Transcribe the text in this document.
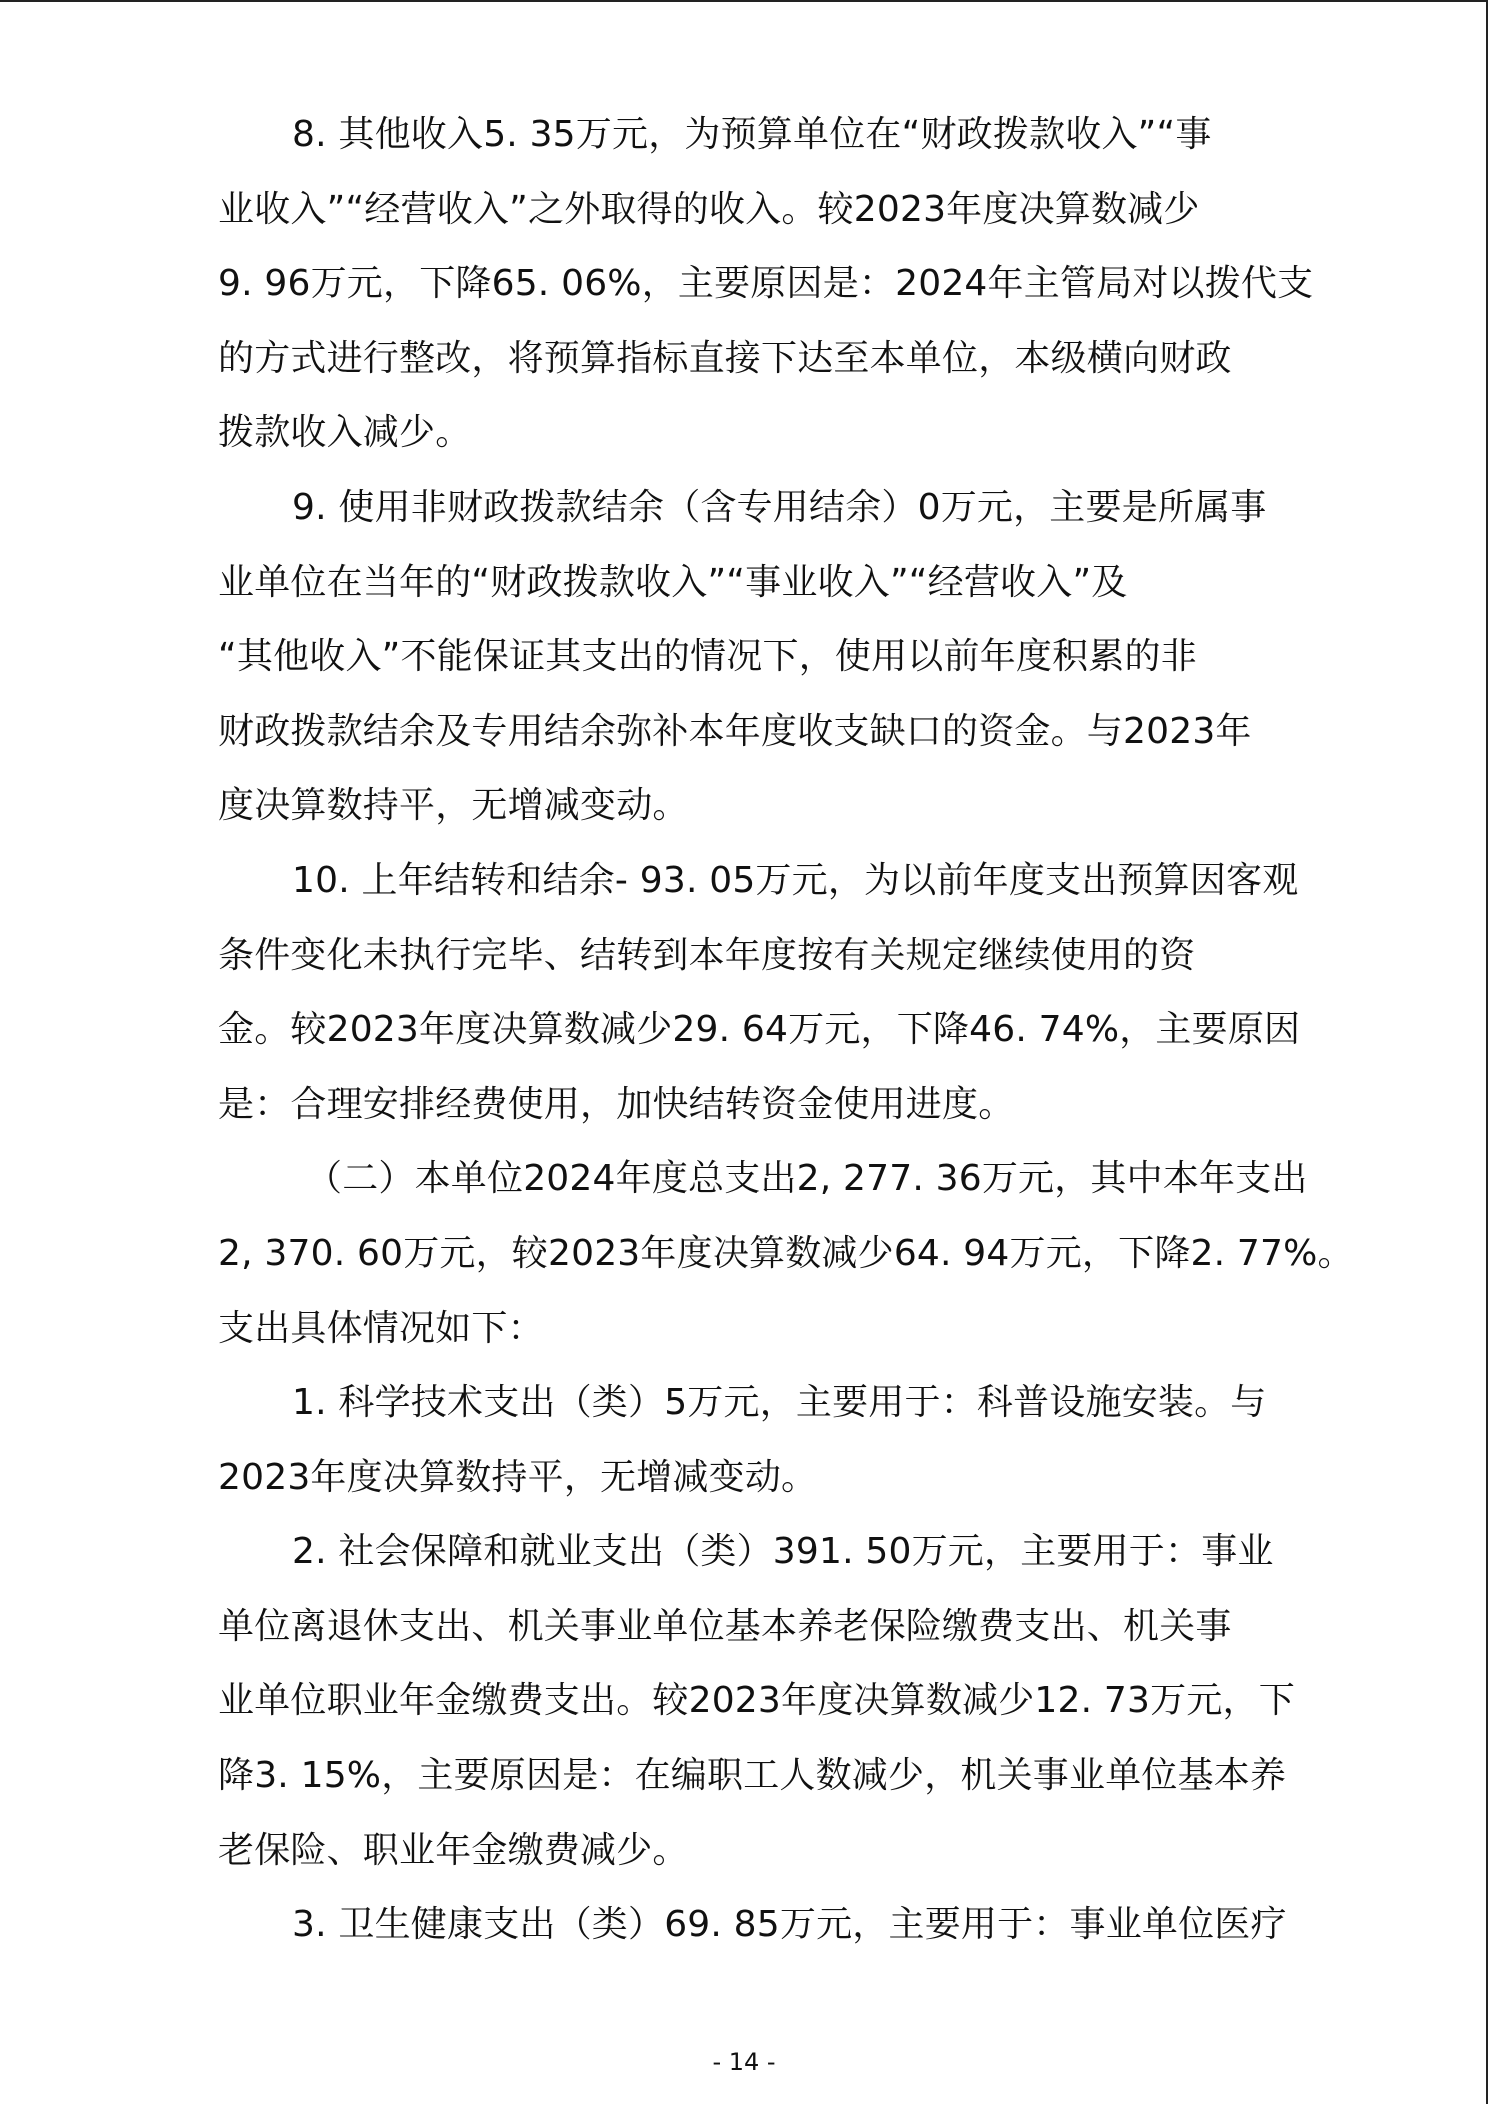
8. 其他收入5. 35万元，为预算单位在“财政拨款收入”“事
业收入”“经营收入”之外取得的收入。较2023年度决算数减少
9. 96万元，下降65. 06%，主要原因是：2024年主管局对以拨代支
的方式进行整改，将预算指标直接下达至本单位，本级横向财政
拨款收入减少。
9. 使用非财政拨款结余（含专用结余）0万元，主要是所属事
业单位在当年的“财政拨款收入”“事业收入”“经营收入”及
“其他收入”不能保证其支出的情况下，使用以前年度积累的非
财政拨款结余及专用结余弥补本年度收支缺口的资金。与2023年
度决算数持平，无增减变动。
10. 上年结转和结余- 93. 05万元，为以前年度支出预算因客观
条件变化未执行完毕、结转到本年度按有关规定继续使用的资
金。较2023年度决算数减少29. 64万元，下降46. 74%，主要原因
是：合理安排经费使用，加快结转资金使用进度。
（二）本单位2024年度总支出2, 277. 36万元，其中本年支出
2, 370. 60万元，较2023年度决算数减少64. 94万元，下降2. 77%。
支出具体情况如下：
1. 科学技术支出（类）5万元，主要用于：科普设施安装。与
2023年度决算数持平，无增减变动。
2. 社会保障和就业支出（类）391. 50万元，主要用于：事业
单位离退休支出、机关事业单位基本养老保险缴费支出、机关事
业单位职业年金缴费支出。较2023年度决算数减少12. 73万元，下
降3. 15%，主要原因是：在编职工人数减少，机关事业单位基本养
老保险、职业年金缴费减少。
3. 卫生健康支出（类）69. 85万元，主要用于：事业单位医疗
- 14 -
